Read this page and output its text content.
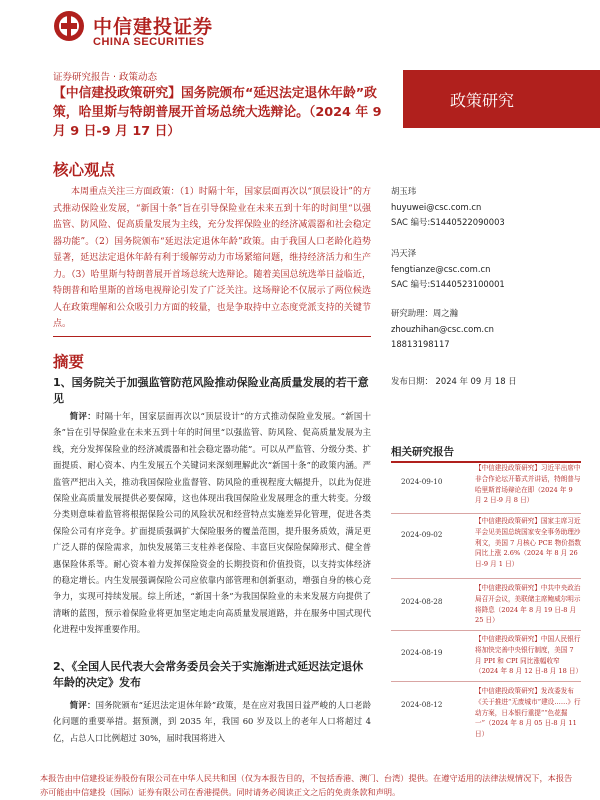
中信建投证券
CHINA SECURITIES
证券研究报告 · 政策动态
【中信建投政策研究】国务院颁布“延迟法定退休年龄”政策，哈里斯与特朗普展开首场总统大选辩论。（2024 年 9 月 9 日-9 月 17 日）
政策研究
核心观点
本周重点关注三方面政策：（1）时隔十年，国家层面再次以“顶层设计”的方式推动保险业发展，“新国十条”旨在引导保险业在未来五到十年的时间里“以强监管、防风险、促高质量发展为主线，充分发挥保险业的经济减震器和社会稳定器功能”。（2）国务院颁布“延迟法定退休年龄”政策。由于我国人口老龄化趋势显著，延迟法定退休年龄有利于缓解劳动力市场紧缩问题，维持经济活力和生产力。（3）哈里斯与特朗普展开首场总统大选辩论。随着美国总统选举日益临近，特朗普和哈里斯的首场电视辩论引发了广泛关注。这场辩论不仅展示了两位候选人在政策理解和公众吸引力方面的较量，也是争取持中立态度党派支持的关键节点。
摘要
1、国务院关于加强监管防范风险推动保险业高质量发展的若干意见
简评：时隔十年，国家层面再次以“顶层设计”的方式推动保险业发展。“新国十条”旨在引导保险业在未来五到十年的时间里“以强监管、防风险、促高质量发展为主线，充分发挥保险业的经济减震器和社会稳定器功能”。可以从严监管、分级分类、扩面提质、耐心资本、内生发展五个关键词来深刻理解此次“新国十条”的政策内涵。严监管严把出入关，推动我国保险业监督管、防风险的重视程度大幅提升，以此为促进保险业高质量发展提供必要保障，这也体现出我国保险业发展理念的重大转变。分级分类则意味着监管将根据保险公司的风险状况和经营特点实施差异化管理，促进各类保险公司有序竞争。扩面提质强调扩大保险服务的覆盖范围，提升服务质效，满足更广泛人群的保险需求，加快发展第三支柱养老保险、丰富巨灾保险保障形式、健全普惠保险体系等。耐心资本着力发挥保险资金的长期投资和价值投资，以支持实体经济的稳定增长。内生发展强调保险公司应依靠内部管理和创新驱动，增强自身的核心竞争力，实现可持续发展。综上所述，“新国十条”为我国保险业的未来发展方向提供了清晰的蓝图，预示着保险业将更加坚定地走向高质量发展道路，并在服务中国式现代化进程中发挥重要作用。
2、《全国人民代表大会常务委员会关于实施渐进式延迟法定退休年龄的决定》发布
简评：国务院颁布“延迟法定退休年龄”政策，是在应对我国日益严峻的人口老龄化问题的重要举措。据预测，到 2035 年，我国 60 岁及以上的老年人口将超过 4亿，占总人口比例超过 30%，届时我国将进入
胡玉玮
huyuwei@csc.com.cn
SAC 编号:S1440522090003
冯天泽
fengtianze@csc.com.cn
SAC 编号:S1440523100001
研究助理：周之瀚
zhouzhihan@csc.com.cn
18813198117
发布日期： 2024 年 09 月 18 日
相关研究报告
2024-09-10
【中信建投政策研究】习近平出席中非合作论坛开幕式并讲话，特朗普与哈里斯首场辩论在即（2024 年 9 月 2 日-9 月 8 日）
2024-09-02
【中信建投政策研究】国家主席习近平会见美国总统国家安全事务助理沙利文，美国 7 月核心 PCE 物价指数同比上涨 2.6%（2024 年 8 月 26 日-9 月 1 日）
2024-08-28
【中信建投政策研究】中共中央政治局召开会议，美联储主席鲍威尔明示将降息（2024 年 8 月 19 日-8 月 25 日）
2024-08-19
【中信建投政策研究】中国人民银行将加快完善中央银行制度，美国 7 月 PPI 和 CPI 同比涨幅收窄（2024 年 8 月 12 日-8 月 18 日）
2024-08-12
【中信建投政策研究】发改委发布《关于推进“无废城市”建设……》行动方案，日本银行重提““色花掘一”（2024 年 8 月 05 日-8 月 11 日）
本报告由中信建投证券股份有限公司在中华人民共和国（仅为本报告目的，不包括香港、澳门、台湾）提供。在遵守适用的法律法规情况下，本报告亦可能由中信建投（国际）证券有限公司在香港提供。同时请务必阅读正文之后的免责条款和声明。
